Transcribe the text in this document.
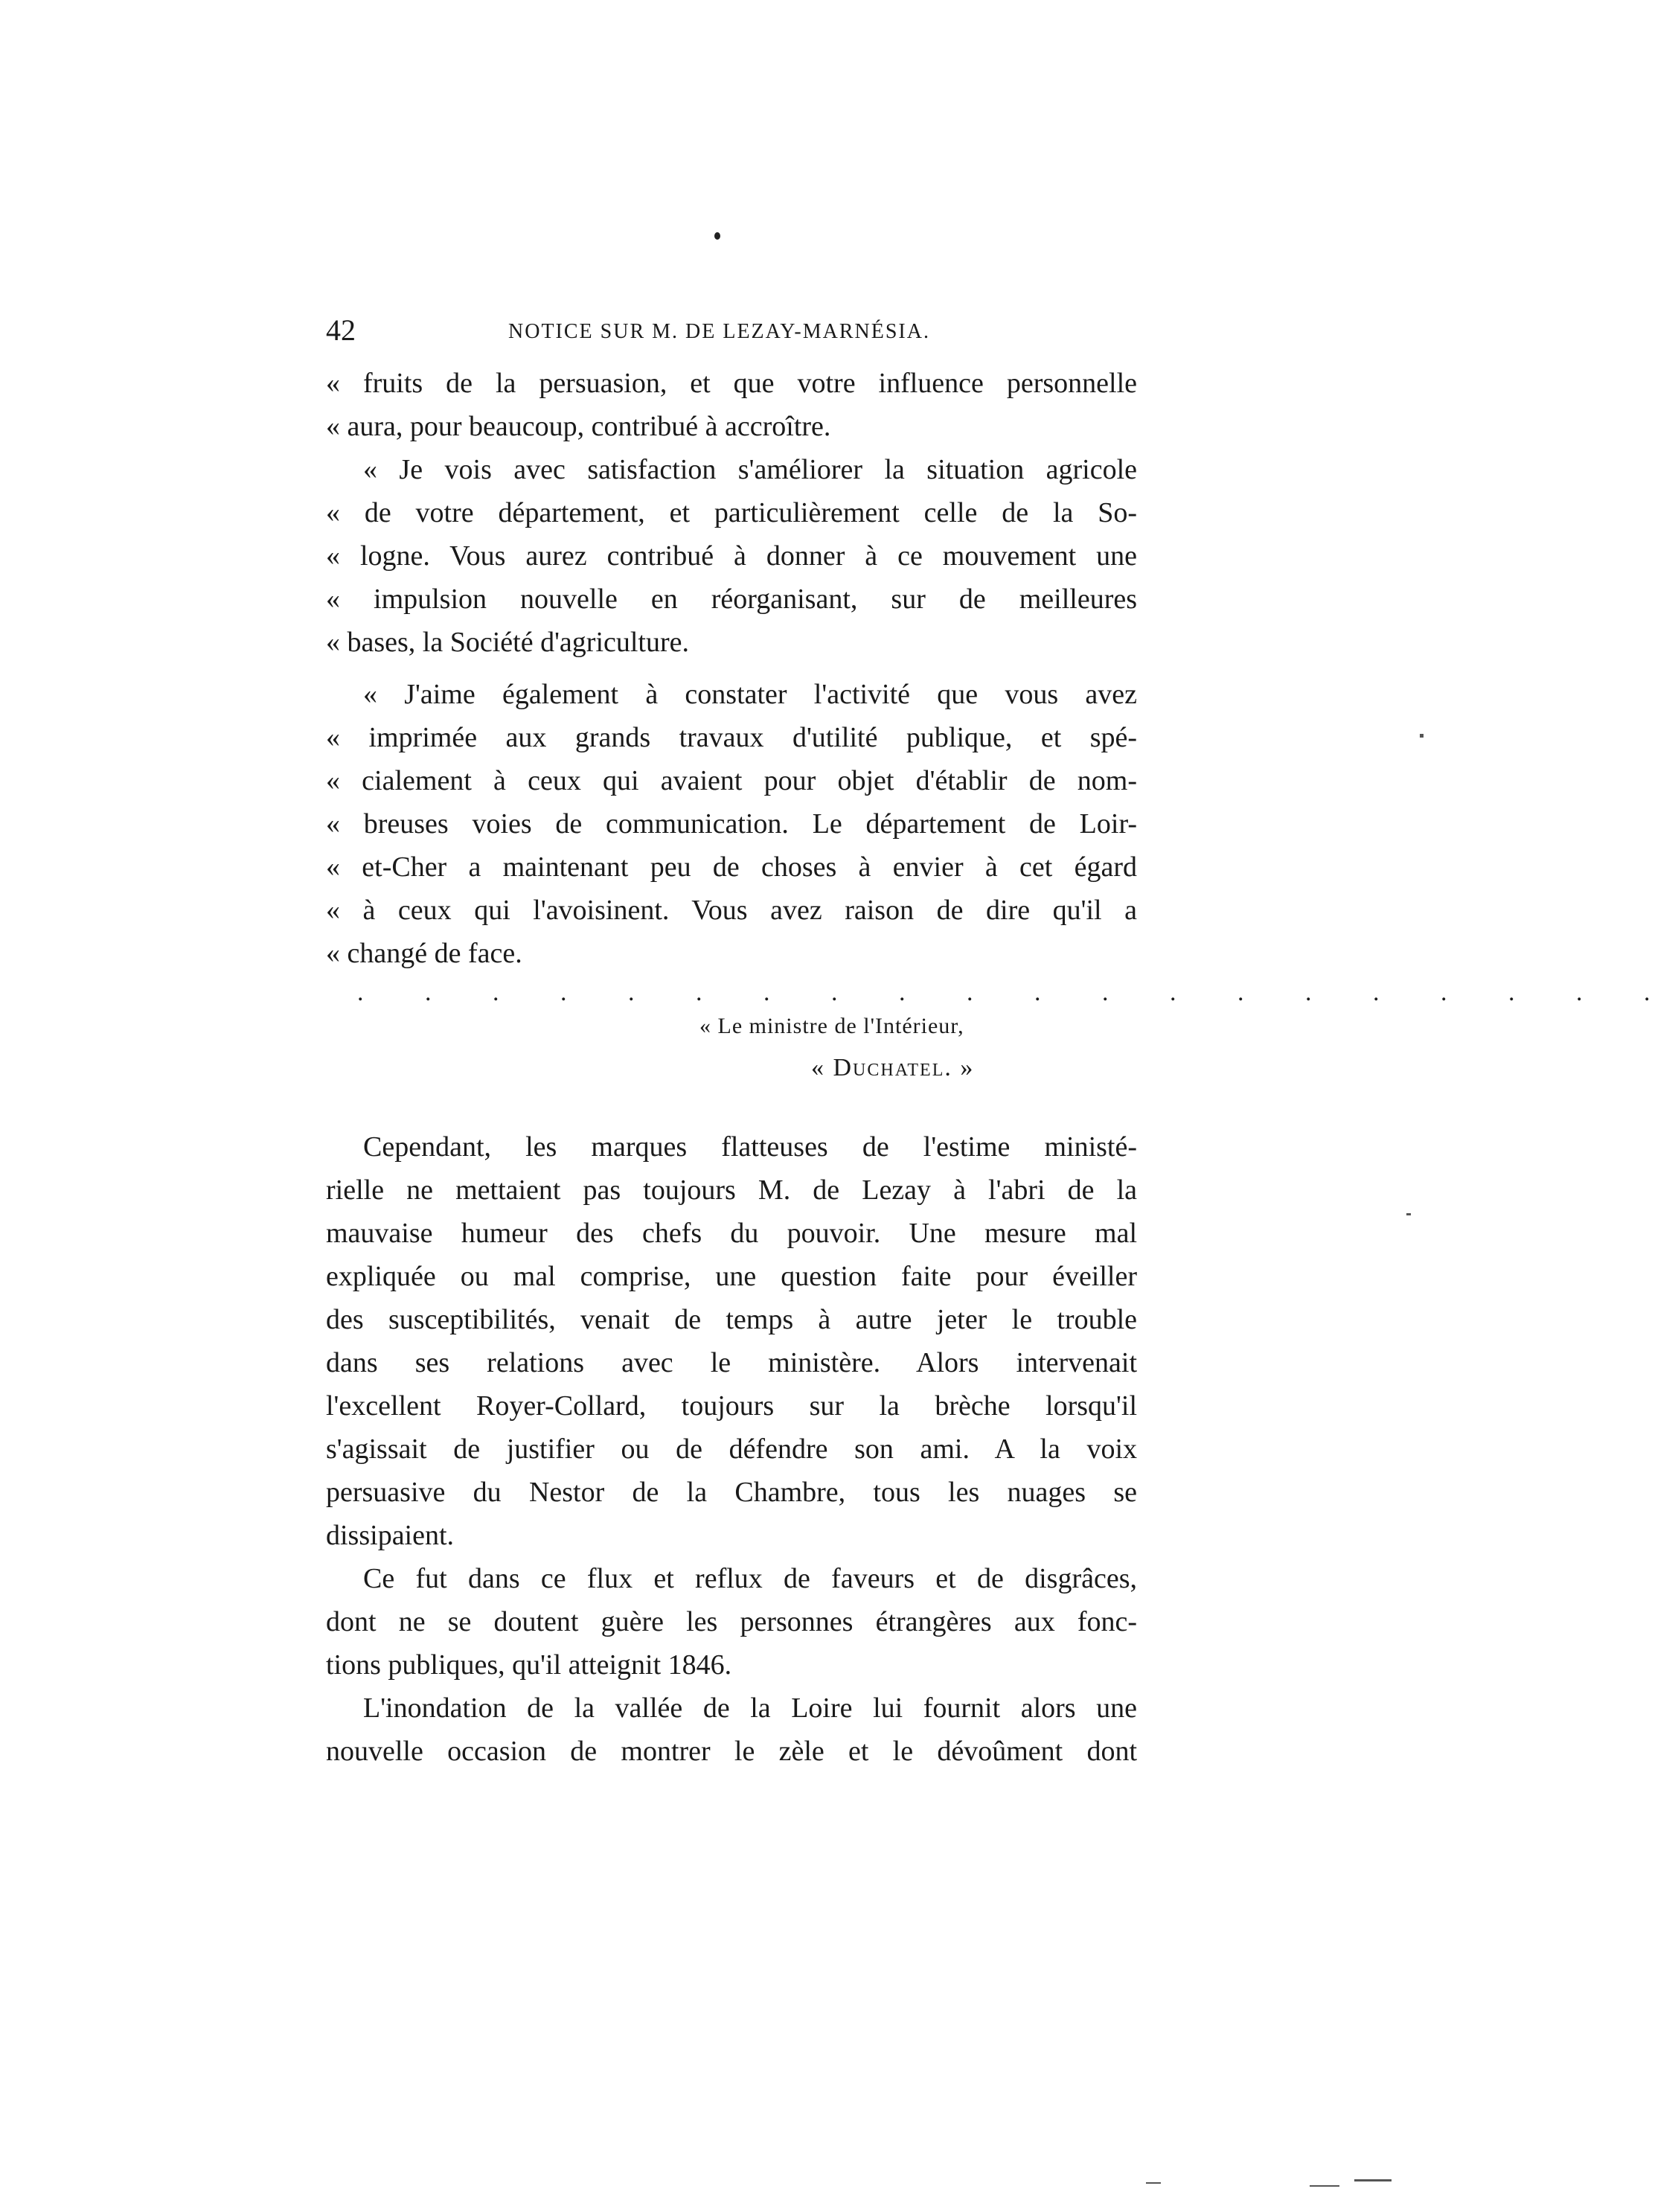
42	NOTICE SUR M. DE LEZAY-MARNÉSIA.
« fruits de la persuasion, et que votre influence personnelle
« aura, pour beaucoup, contribué à accroître.
« Je vois avec satisfaction s'améliorer la situation agricole
« de votre département, et particulièrement celle de la So-
« logne. Vous aurez contribué à donner à ce mouvement une
« impulsion nouvelle en réorganisant, sur de meilleures
« bases, la Société d'agriculture.
« J'aime également à constater l'activité que vous avez
« imprimée aux grands travaux d'utilité publique, et spé-
« cialement à ceux qui avaient pour objet d'établir de nom-
« breuses voies de communication. Le département de Loir-
« et-Cher a maintenant peu de choses à envier à cet égard
« à ceux qui l'avoisinent. Vous avez raison de dire qu'il a
« changé de face.
. . . . . . . . . . . . . . . . . . . .
« Le ministre de l'Intérieur,
« Duchatel. »
Cependant, les marques flatteuses de l'estime ministé-
rielle ne mettaient pas toujours M. de Lezay à l'abri de la
mauvaise humeur des chefs du pouvoir. Une mesure mal
expliquée ou mal comprise, une question faite pour éveiller
des susceptibilités, venait de temps à autre jeter le trouble
dans ses relations avec le ministère. Alors intervenait
l'excellent Royer-Collard, toujours sur la brèche lorsqu'il
s'agissait de justifier ou de défendre son ami. A la voix
persuasive du Nestor de la Chambre, tous les nuages se
dissipaient.
Ce fut dans ce flux et reflux de faveurs et de disgrâces,
dont ne se doutent guère les personnes étrangères aux fonc-
tions publiques, qu'il atteignit 1846.
L'inondation de la vallée de la Loire lui fournit alors une
nouvelle occasion de montrer le zèle et le dévoûment dont
